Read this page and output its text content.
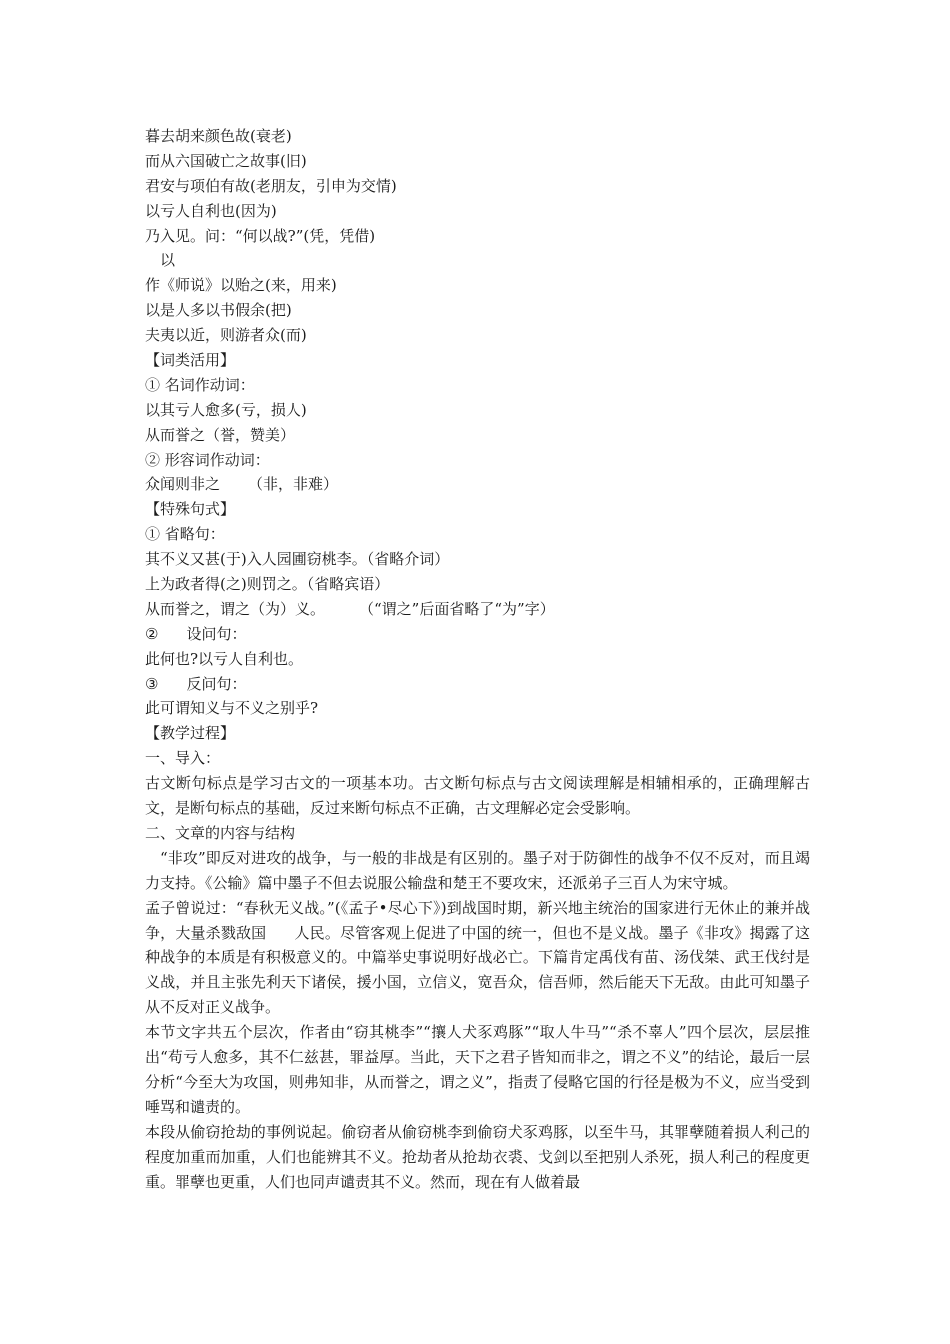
暮去胡来颜色故(衰老)
而从六国破亡之故事(旧)
君安与项伯有故(老朋友，引申为交情)
以亏人自利也(因为)
乃入见。问：“何以战?”(凭，凭借)
以
作《师说》以贻之(来，用来)
以是人多以书假余(把)
夫夷以近，则游者众(而)
【词类活用】
① 名词作动词：
以其亏人愈多(亏，损人)
从而誉之（誉，赞美）
② 形容词作动词：
众闻则非之 （非，非难）
【特殊句式】
① 省略句：
其不义又甚(于)入人园圃窃桃李。（省略介词）
上为政者得(之)则罚之。（省略宾语）
从而誉之，谓之（为）义。 （“谓之”后面省略了“为”字）
② 设问句：
此何也?以亏人自利也。
③ 反问句：
此可谓知义与不义之别乎?
【教学过程】
一、导入：

古文断句标点是学习古文的一项基本功。古文断句标点与古文阅读理解是相辅相承的，正确理解古文，是断句标点的基础，反过来断句标点不正确，古文理解必定会受影响。

二、文章的内容与结构

“非攻”即反对进攻的战争，与一般的非战是有区别的。墨子对于防御性的战争不仅不反对，而且竭力支持。《公输》篇中墨子不但去说服公输盘和楚王不要攻宋，还派弟子三百人为宋守城。

孟子曾说过：“春秋无义战。”(《孟子•尽心下》)到战国时期，新兴地主统治的国家进行无休止的兼并战争，大量杀戮敌国 人民。尽管客观上促进了中国的统一，但也不是义战。墨子《非攻》揭露了这种战争的本质是有积极意义的。中篇举史事说明好战必亡。下篇肯定禹伐有苗、汤伐桀、武王伐纣是义战，并且主张先利天下诸侯，援小国，立信义，宽吾众，信吾师，然后能天下无敌。由此可知墨子从不反对正义战争。

本节文字共五个层次，作者由“窃其桃李”“攘人犬豕鸡豚”“取人牛马”“杀不辜人”四个层次，层层推出“苟亏人愈多，其不仁兹甚，罪益厚。当此，天下之君子皆知而非之，谓之不义”的结论，最后一层分析“今至大为攻国，则弗知非，从而誉之，谓之义”，指责了侵略它国的行径是极为不义，应当受到唾骂和谴责的。

本段从偷窃抢劫的事例说起。偷窃者从偷窃桃李到偷窃犬豕鸡豚，以至牛马，其罪孽随着损人利己的程度加重而加重，人们也能辨其不义。抢劫者从抢劫衣裘、戈剑以至把别人杀死，损人利己的程度更重。罪孽也更重，人们也同声谴责其不义。然而，现在有人做着最
